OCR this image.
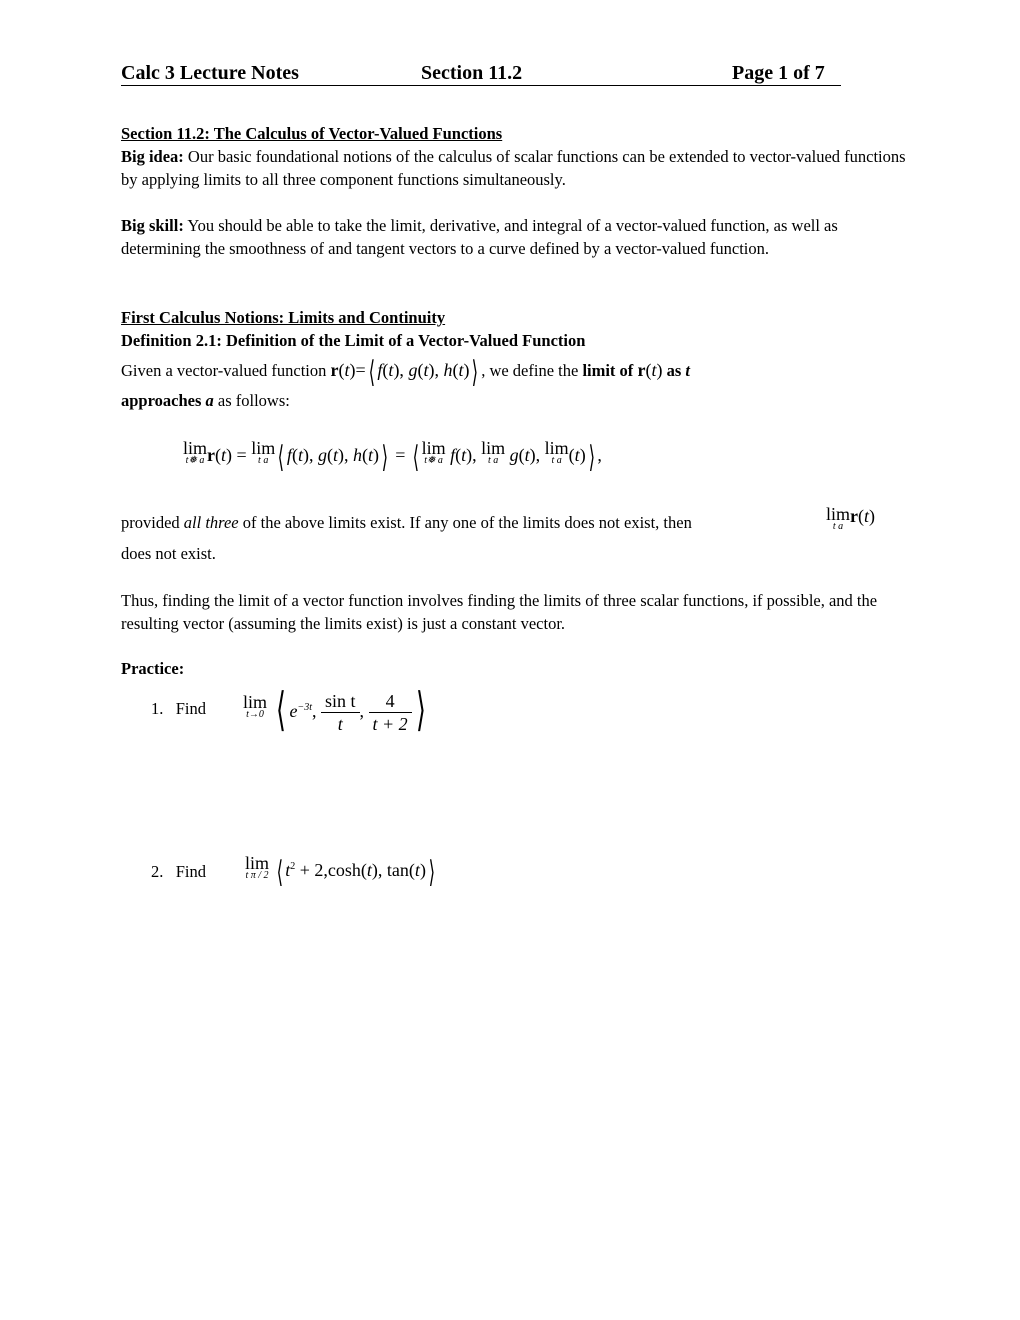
Calc 3 Lecture Notes	Section 11.2	Page 1 of 7
Section 11.2: The Calculus of Vector-Valued Functions
Big idea: Our basic foundational notions of the calculus of scalar functions can be extended to vector-valued functions by applying limits to all three component functions simultaneously.
Big skill: You should be able to take the limit, derivative, and integral of a vector-valued function, as well as determining the smoothness of and tangent vectors to a curve defined by a vector-valued function.
First Calculus Notions: Limits and Continuity
Definition 2.1: Definition of the Limit of a Vector-Valued Function
Given a vector-valued function r(t)=⟨ f(t), g(t), h(t)⟩ , we define the limit of r(t) as t
approaches a as follows:
lim
t❅ a r(t) = lim
t a ⟨ f(t), g(t), h(t)⟩ = ⟨ lim
t❅ a f(t), lim
t a g(t), lim
t a (t)⟩ ,
provided all three of the above limits exist. If any one of the limits does not exist, then	lim
t a
r(t)
does not exist.
Thus, finding the limit of a vector function involves finding the limits of three scalar functions, if possible, and the resulting vector (assuming the limits exist) is just a constant vector.
Practice:
1. Find	lim
t→0 ⟨ $e^{-3t}$, $\frac{\text{sin t}}{t}$ , $\frac{4}{t + 2}$ ⟩
2. Find	lim
t π / 2 ⟨ $t^2 + 2,\cosh(t)$, tan(t)⟩
